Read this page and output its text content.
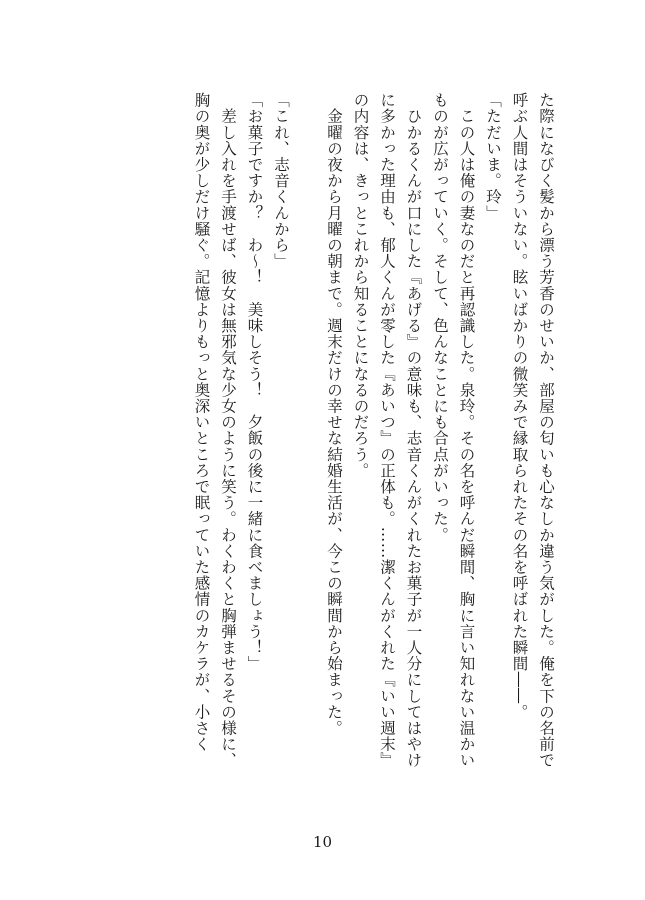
た際になびく髪から漂う芳香のせいか、部屋の匂いも心なしか違う気がした。俺を下の名前で
呼ぶ人間はそういない。眩いばかりの微笑みで縁取られたその名を呼ばれた瞬間――。
「ただいま。玲」
　この人は俺の妻なのだと再認識した。泉玲。その名を呼んだ瞬間、胸に言い知れない温かい
ものが広がっていく。そして、色んなことにも合点がいった。
　ひかるくんが口にした『あげる』の意味も、志音くんがくれたお菓子が一人分にしてはやけ
に多かった理由も、郁人くんが零した『あいつ』の正体も。……潔くんがくれた『いい週末』
の内容は、きっとこれから知ることになるのだろう。
　金曜の夜から月曜の朝まで。週末だけの幸せな結婚生活が、今この瞬間から始まった。
「これ、志音くんから」
「お菓子ですか？　わ～！　美味しそう！　夕飯の後に一緒に食べましょう！」
　差し入れを手渡せば、彼女は無邪気な少女のように笑う。わくわくと胸弾ませるその様に、
胸の奥が少しだけ騒ぐ。記憶よりもっと奥深いところで眠っていた感情のカケラが、小さく
10
